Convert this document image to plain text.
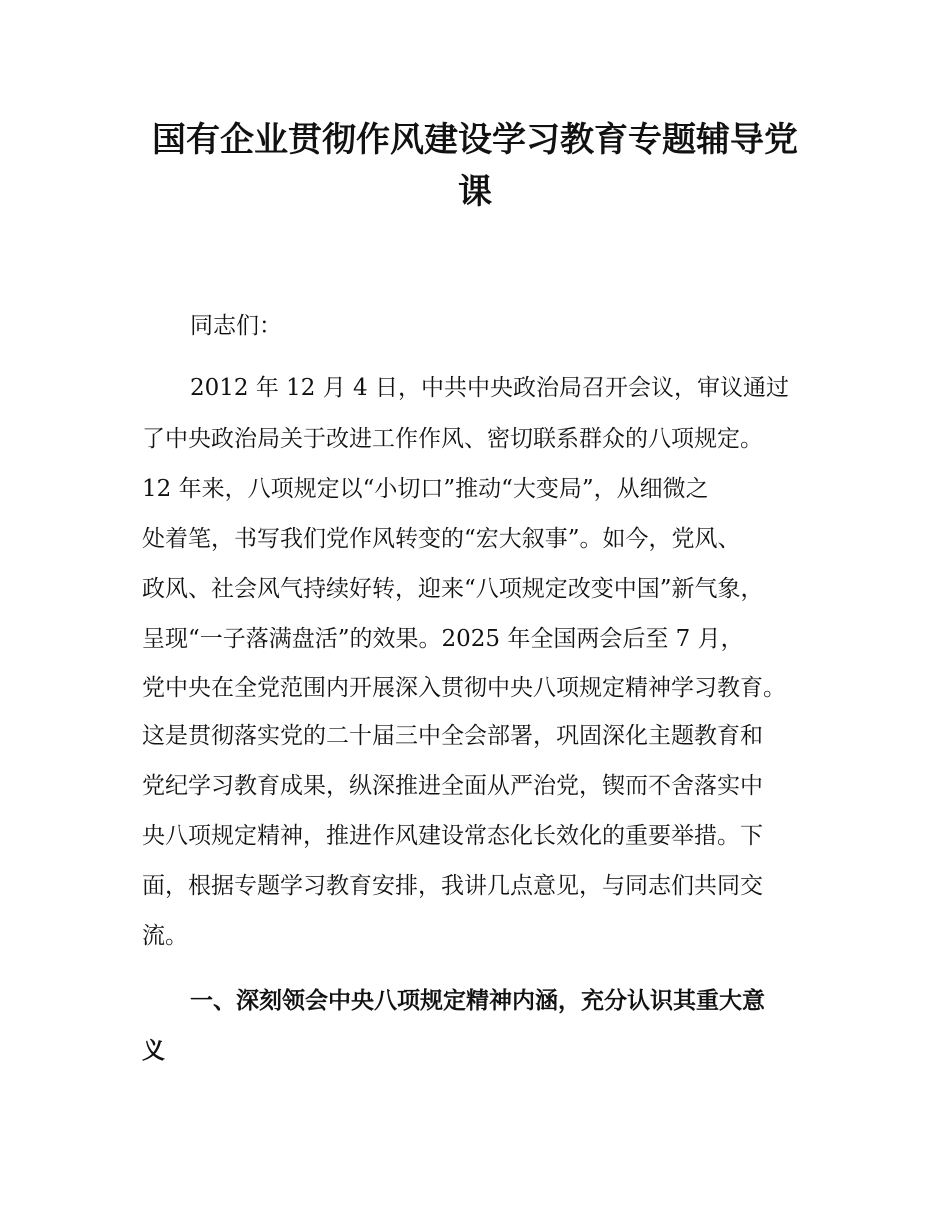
国有企业贯彻作风建设学习教育专题辅导党
课
同志们：
2012 年 12 月 4 日，中共中央政治局召开会议，审议通过
了中央政治局关于改进工作作风、密切联系群众的八项规定。
12 年来，八项规定以“小切口”推动“大变局”，从细微之
处着笔，书写我们党作风转变的“宏大叙事”。如今，党风、
政风、社会风气持续好转，迎来“八项规定改变中国”新气象，
呈现“一子落满盘活”的效果。2025 年全国两会后至 7 月，
党中央在全党范围内开展深入贯彻中央八项规定精神学习教育。
这是贯彻落实党的二十届三中全会部署，巩固深化主题教育和
党纪学习教育成果，纵深推进全面从严治党，锲而不舍落实中
央八项规定精神，推进作风建设常态化长效化的重要举措。下
面，根据专题学习教育安排，我讲几点意见，与同志们共同交
流。
一、深刻领会中央八项规定精神内涵，充分认识其重大意
义
